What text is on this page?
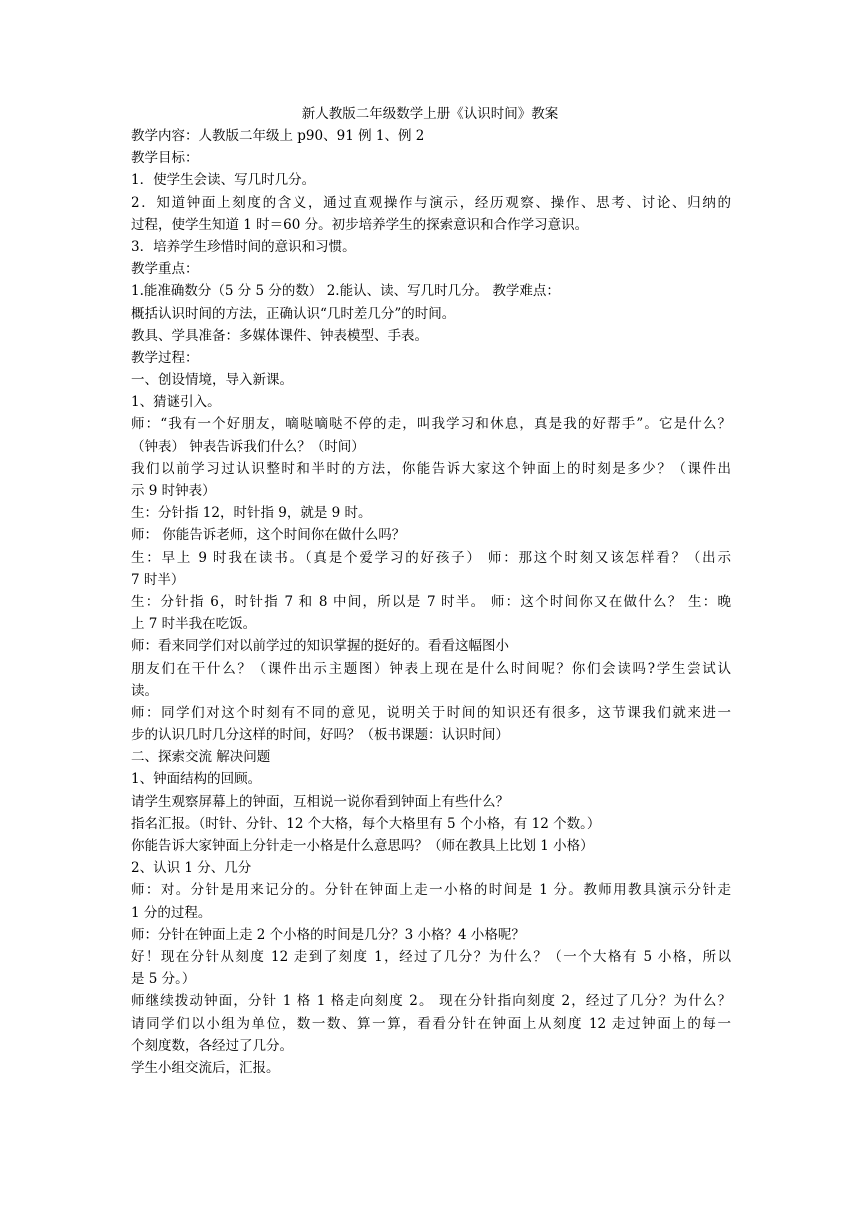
新人教版二年级数学上册《认识时间》教案
教学内容：人教版二年级上 p90、91 例 1、例 2
教学目标：
1．使学生会读、写几时几分。
2．知道钟面上刻度的含义，通过直观操作与演示，经历观察、操作、思考、讨论、归纳的
过程，使学生知道 1 时＝60 分。初步培养学生的探索意识和合作学习意识。
3．培养学生珍惜时间的意识和习惯。
教学重点：
1.能准确数分（5 分 5 分的数） 2.能认、读、写几时几分。 教学难点：
概括认识时间的方法，正确认识“几时差几分”的时间。
教具、学具准备：多媒体课件、钟表模型、手表。
教学过程：
一、创设情境，导入新课。
1、猜谜引入。
师：“我有一个好朋友，嘀哒嘀哒不停的走，叫我学习和休息，真是我的好帮手”。它是什么？
（钟表） 钟表告诉我们什么？（时间）
我们以前学习过认识整时和半时的方法，你能告诉大家这个钟面上的时刻是多少？（课件出
示 9 时钟表）
生：分针指 12，时针指 9，就是 9 时。
师： 你能告诉老师，这个时间你在做什么吗？
生：早上 9 时我在读书。（真是个爱学习的好孩子） 师：那这个时刻又该怎样看？（出示
7 时半）
生：分针指 6，时针指 7 和 8 中间，所以是 7 时半。 师：这个时间你又在做什么？ 生：晚
上 7 时半我在吃饭。
师：看来同学们对以前学过的知识掌握的挺好的。看看这幅图小
朋友们在干什么？（课件出示主题图）钟表上现在是什么时间呢？你们会读吗?学生尝试认
读。
师：同学们对这个时刻有不同的意见，说明关于时间的知识还有很多，这节课我们就来进一
步的认识几时几分这样的时间，好吗？（板书课题：认识时间）
二、探索交流 解决问题
1、钟面结构的回顾。
请学生观察屏幕上的钟面，互相说一说你看到钟面上有些什么？
指名汇报。（时针、分针、12 个大格，每个大格里有 5 个小格，有 12 个数。）
你能告诉大家钟面上分针走一小格是什么意思吗？（师在教具上比划 1 小格）
2、认识 1 分、几分
师：对。分针是用来记分的。分针在钟面上走一小格的时间是 1 分。教师用教具演示分针走
1 分的过程。
师：分针在钟面上走 2 个小格的时间是几分？3 小格？4 小格呢？
好！现在分针从刻度 12 走到了刻度 1，经过了几分？为什么？（一个大格有 5 小格，所以
是 5 分。）
师继续拨动钟面，分针 1 格 1 格走向刻度 2。 现在分针指向刻度 2，经过了几分？为什么？
请同学们以小组为单位，数一数、算一算，看看分针在钟面上从刻度 12 走过钟面上的每一
个刻度数，各经过了几分。
学生小组交流后，汇报。
